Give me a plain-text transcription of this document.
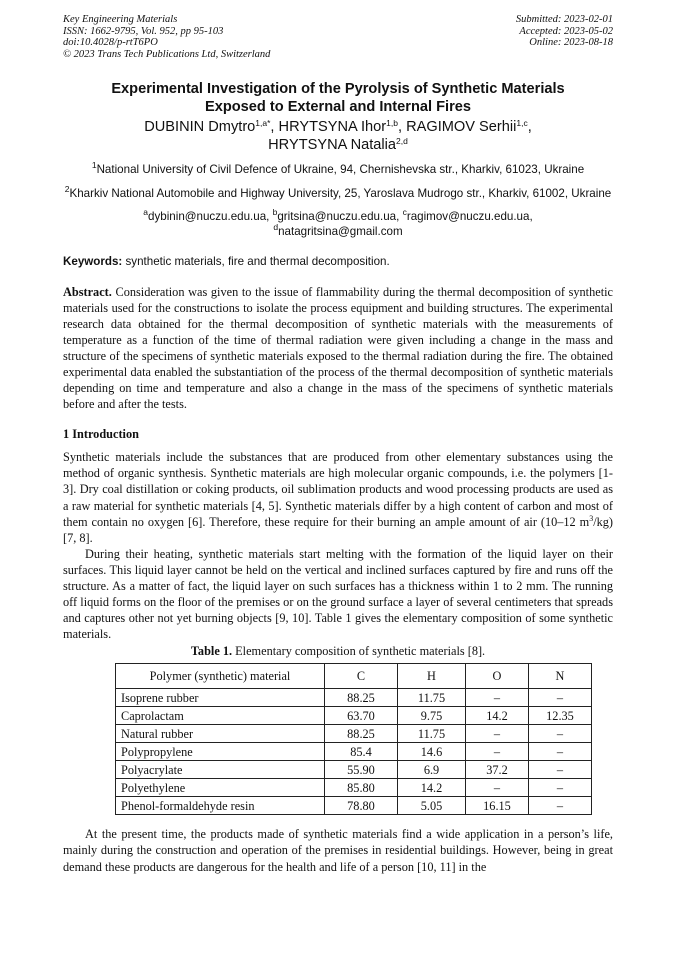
Key Engineering Materials
ISSN: 1662-9795, Vol. 952, pp 95-103
doi:10.4028/p-rtT6PO
© 2023 Trans Tech Publications Ltd, Switzerland
Submitted: 2023-02-01
Accepted: 2023-05-02
Online: 2023-08-18
Experimental Investigation of the Pyrolysis of Synthetic Materials
Exposed to External and Internal Fires
DUBININ Dmytro$^{1,a*}$, HRYTSYNA Ihor$^{1,b}$, RAGIMOV Serhii$^{1,c}$,
HRYTSYNA Natalia$^{2,d}$
$^1$National University of Civil Defence of Ukraine, 94, Chernishevska str., Kharkiv, 61023, Ukraine
$^2$Kharkiv National Automobile and Highway University, 25, Yaroslava Mudrogo str., Kharkiv, 61002, Ukraine
$^a$dybinin@nuczu.edu.ua, $^b$gritsina@nuczu.edu.ua, $^c$ragimov@nuczu.edu.ua,
$^d$natagritsina@gmail.com
Keywords: synthetic materials, fire and thermal decomposition.
Abstract. Consideration was given to the issue of flammability during the thermal decomposition of synthetic materials used for the constructions to isolate the process equipment and building structures. The experimental research data obtained for the thermal decomposition of synthetic materials with the measurements of temperature as a function of the time of thermal radiation were given including a change in the mass and structure of the specimens of synthetic materials exposed to the thermal radiation during the fire. The obtained experimental data enabled the substantiation of the process of the thermal decomposition of synthetic materials depending on time and temperature and also a change in the mass of the specimens of synthetic materials before and after the tests.
1 Introduction
Synthetic materials include the substances that are produced from other elementary substances using the method of organic synthesis. Synthetic materials are high molecular organic compounds, i.e. the polymers [1-3]. Dry coal distillation or coking products, oil sublimation products and wood processing products are used as a raw material for synthetic materials [4, 5]. Synthetic materials differ by a high content of carbon and most of them contain no oxygen [6]. Therefore, these require for their burning an ample amount of air (10–12 $m^3/kg$) [7, 8].
During their heating, synthetic materials start melting with the formation of the liquid layer on their surfaces. This liquid layer cannot be held on the vertical and inclined surfaces captured by fire and runs off the structure. As a matter of fact, the liquid layer on such surfaces has a thickness within 1 to 2 mm. The running off liquid forms on the floor of the premises or on the ground surface a layer of several centimeters that spreads and captures other not yet burning objects [9, 10]. Table 1 gives the elementary composition of some synthetic materials.
Table 1. Elementary composition of synthetic materials [8].
Polymer (synthetic) material	C	H	O	N
Isoprene rubber	88.25	11.75	–	–
Caprolactam	63.70	9.75	14.2	12.35
Natural rubber	88.25	11.75	–	–
Polypropylene	85.4	14.6	–	–
Polyacrylate	55.90	6.9	37.2	–
Polyethylene	85.80	14.2	–	–
Phenol-formaldehyde resin	78.80	5.05	16.15	–
At the present time, the products made of synthetic materials find a wide application in a person’s life, mainly during the construction and operation of the premises in residential buildings. However, being in great demand these products are dangerous for the health and life of a person [10, 11] in the
